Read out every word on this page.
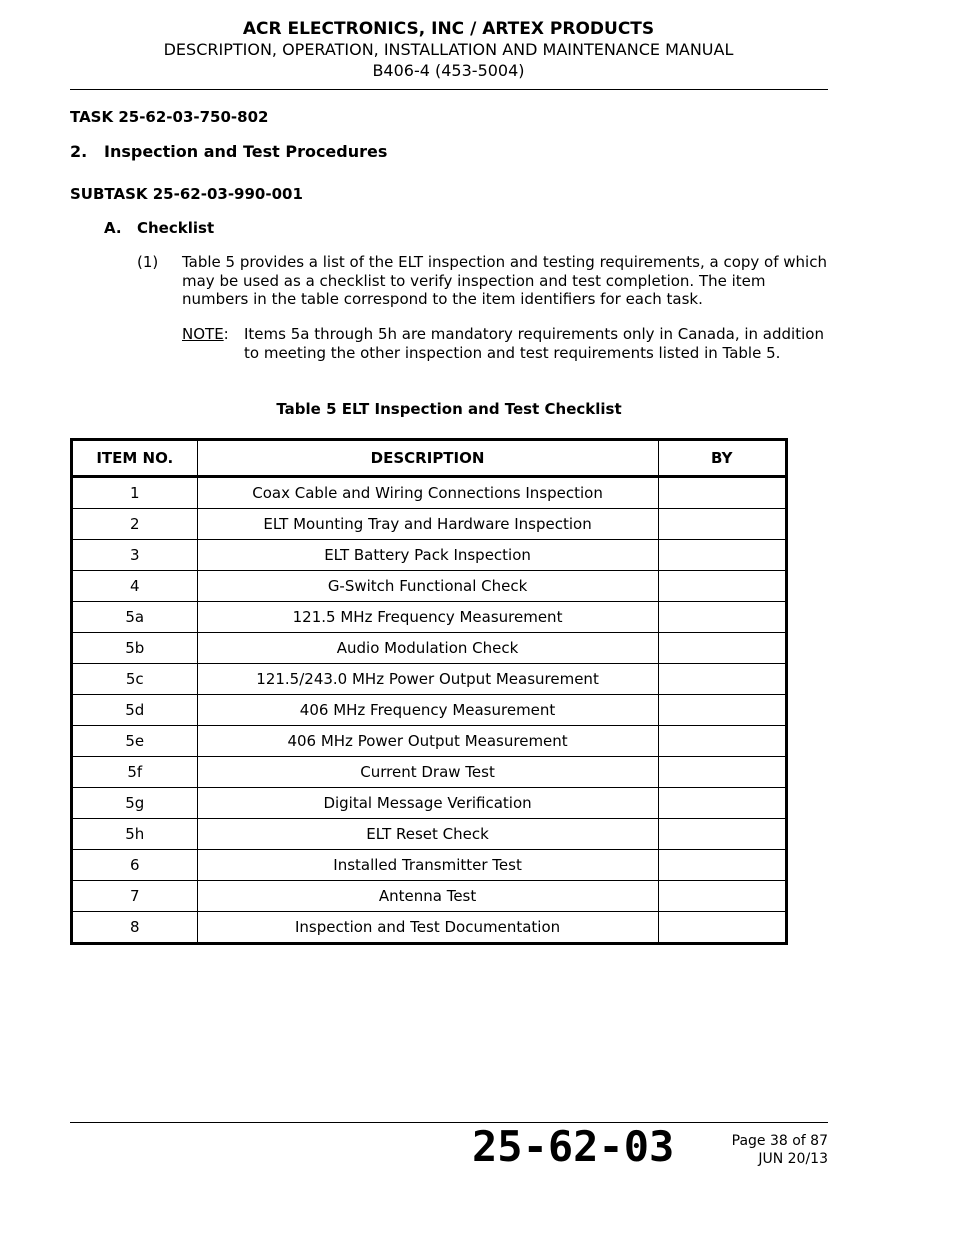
ACR ELECTRONICS, INC / ARTEX PRODUCTS
DESCRIPTION, OPERATION, INSTALLATION AND MAINTENANCE MANUAL
B406-4 (453-5004)
TASK 25-62-03-750-802
2. Inspection and Test Procedures
SUBTASK 25-62-03-990-001
A. Checklist
(1) Table 5 provides a list of the ELT inspection and testing requirements, a copy of which may be used as a checklist to verify inspection and test completion. The item numbers in the table correspond to the item identifiers for each task.
NOTE: Items 5a through 5h are mandatory requirements only in Canada, in addition to meeting the other inspection and test requirements listed in Table 5.
Table 5 ELT Inspection and Test Checklist
ITEM NO.	DESCRIPTION	BY
1	Coax Cable and Wiring Connections Inspection	
2	ELT Mounting Tray and Hardware Inspection	
3	ELT Battery Pack Inspection	
4	G-Switch Functional Check	
5a	121.5 MHz Frequency Measurement	
5b	Audio Modulation Check	
5c	121.5/243.0 MHz Power Output Measurement	
5d	406 MHz Frequency Measurement	
5e	406 MHz Power Output Measurement	
5f	Current Draw Test	
5g	Digital Message Verification	
5h	ELT Reset Check	
6	Installed Transmitter Test	
7	Antenna Test	
8	Inspection and Test Documentation	
25-62-03	Page 38 of 87
JUN 20/13
